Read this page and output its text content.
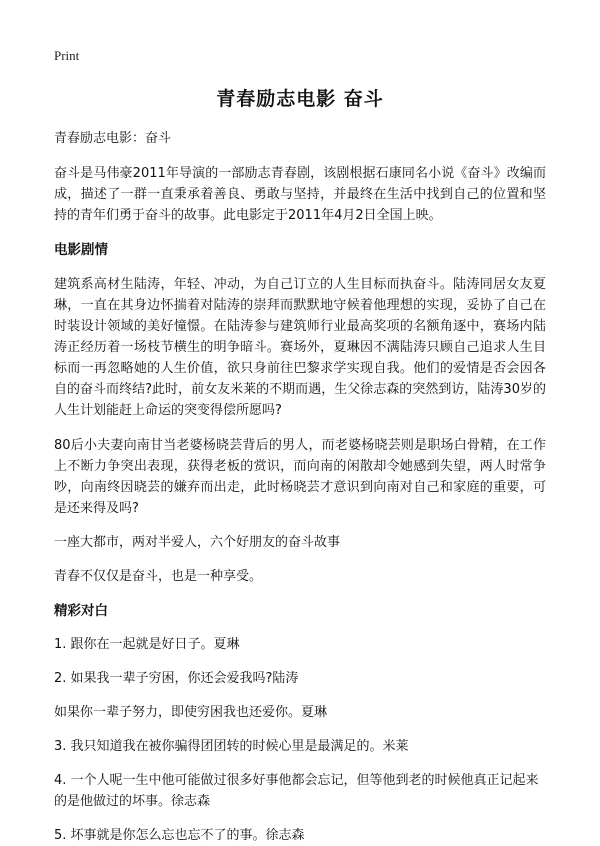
Print
青春励志电影 奋斗
青春励志电影：奋斗

奋斗是马伟豪2011年导演的一部励志青春剧，该剧根据石康同名小说《奋斗》改编而成，描述了一群一直秉承着善良、勇敢与坚持，并最终在生活中找到自己的位置和坚持的青年们勇于奋斗的故事。此电影定于2011年4月2日全国上映。

电影剧情

建筑系高材生陆涛，年轻、冲动，为自己订立的人生目标而执奋斗。陆涛同居女友夏琳，一直在其身边怀揣着对陆涛的崇拜而默默地守候着他理想的实现，妥协了自己在时装设计领域的美好憧憬。在陆涛参与建筑师行业最高奖项的名额角逐中，赛场内陆涛正经历着一场枝节横生的明争暗斗。赛场外，夏琳因不满陆涛只顾自己追求人生目标而一再忽略她的人生价值，欲只身前往巴黎求学实现自我。他们的爱情是否会因各自的奋斗而终结?此时，前女友米莱的不期而遇，生父徐志森的突然到访，陆涛30岁的人生计划能赶上命运的突变得偿所愿吗?

80后小夫妻向南甘当老婆杨晓芸背后的男人，而老婆杨晓芸则是职场白骨精，在工作上不断力争突出表现，获得老板的赏识，而向南的闲散却令她感到失望，两人时常争吵，向南终因晓芸的嫌弃而出走，此时杨晓芸才意识到向南对自己和家庭的重要，可是还来得及吗?

一座大都市，两对半爱人，六个好朋友的奋斗故事

青春不仅仅是奋斗，也是一种享受。

精彩对白

1. 跟你在一起就是好日子。夏琳

2. 如果我一辈子穷困，你还会爱我吗?陆涛

如果你一辈子努力，即使穷困我也还爱你。夏琳

3. 我只知道我在被你骗得团团转的时候心里是最满足的。米莱

4. 一个人呢一生中他可能做过很多好事他都会忘记，但等他到老的时候他真正记起来的是他做过的坏事。徐志森

5. 坏事就是你怎么忘也忘不了的事。徐志森
